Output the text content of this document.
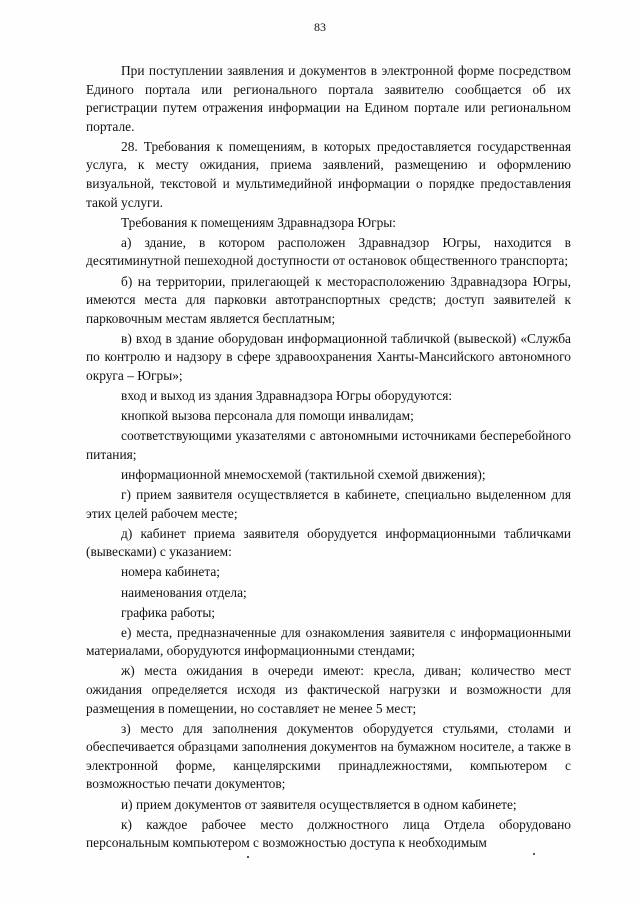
83

При поступлении заявления и документов в электронной форме посредством Единого портала или регионального портала заявителю сообщается об их регистрации путем отражения информации на Едином портале или региональном портале.

28. Требования к помещениям, в которых предоставляется государственная услуга, к месту ожидания, приема заявлений, размещению и оформлению визуальной, текстовой и мультимедийной информации о порядке предоставления такой услуги.

Требования к помещениям Здравнадзора Югры:

а) здание, в котором расположен Здравнадзор Югры, находится в десятиминутной пешеходной доступности от остановок общественного транспорта;

б) на территории, прилегающей к месторасположению Здравнадзора Югры, имеются места для парковки автотранспортных средств; доступ заявителей к парковочным местам является бесплатным;

в) вход в здание оборудован информационной табличкой (вывеской) «Служба по контролю и надзору в сфере здравоохранения Ханты-Мансийского автономного округа – Югры»;

вход и выход из здания Здравнадзора Югры оборудуются:

кнопкой вызова персонала для помощи инвалидам;

соответствующими указателями с автономными источниками бесперебойного питания;

информационной мнемосхемой (тактильной схемой движения);

г) прием заявителя осуществляется в кабинете, специально выделенном для этих целей рабочем месте;

д) кабинет приема заявителя оборудуется информационными табличками (вывесками) с указанием:

номера кабинета;

наименования отдела;

графика работы;

е) места, предназначенные для ознакомления заявителя с информационными материалами, оборудуются информационными стендами;

ж) места ожидания в очереди имеют: кресла, диван; количество мест ожидания определяется исходя из фактической нагрузки и возможности для размещения в помещении, но составляет не менее 5 мест;

з) место для заполнения документов оборудуется стульями, столами и обеспечивается образцами заполнения документов на бумажном носителе, а также в электронной форме, канцелярскими принадлежностями, компьютером с возможностью печати документов;

и) прием документов от заявителя осуществляется в одном кабинете;

к) каждое рабочее место должностного лица Отдела оборудовано персональным компьютером с возможностью доступа к необходимым
